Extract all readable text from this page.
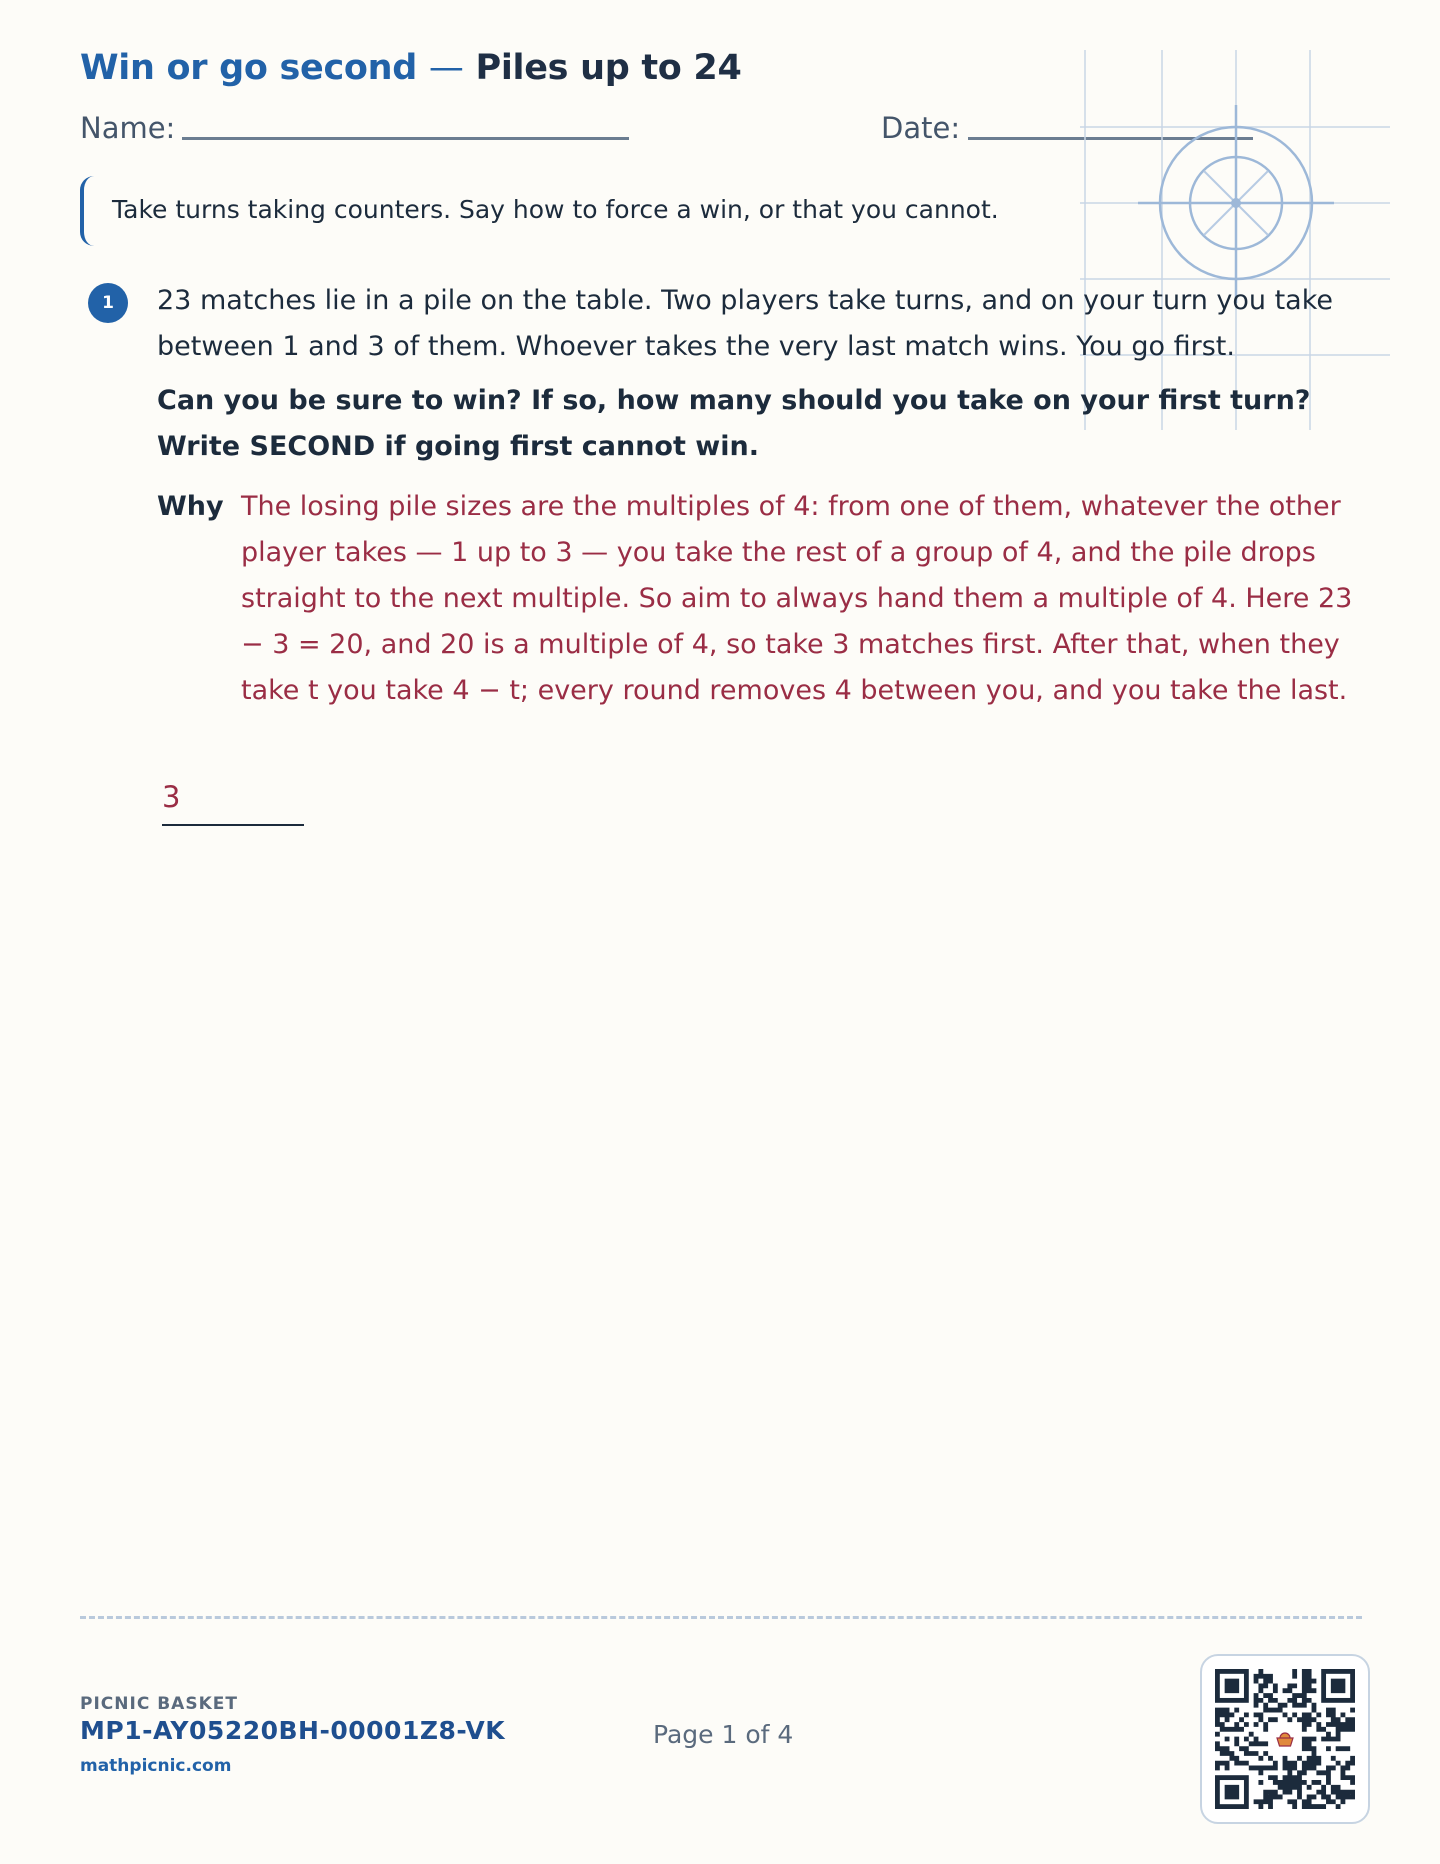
Win or go second — Piles up to 24
Name:	Date:
Take turns taking counters. Say how to force a win, or that you cannot.
1	23 matches lie in a pile on the table. Two players take turns, and on your turn you take between 1 and 3 of them. Whoever takes the very last match wins. You go first.
Can you be sure to win? If so, how many should you take on your first turn? Write SECOND if going first cannot win.
Why The losing pile sizes are the multiples of 4: from one of them, whatever the other player takes — 1 up to 3 — you take the rest of a group of 4, and the pile drops straight to the next multiple. So aim to always hand them a multiple of 4. Here 23 − 3 = 20, and 20 is a multiple of 4, so take 3 matches first. After that, when they take t you take 4 − t; every round removes 4 between you, and you take the last.
3
PICNIC BASKET
MP1-AY05220BH-00001Z8-VK
mathpicnic.com
Page 1 of 4
